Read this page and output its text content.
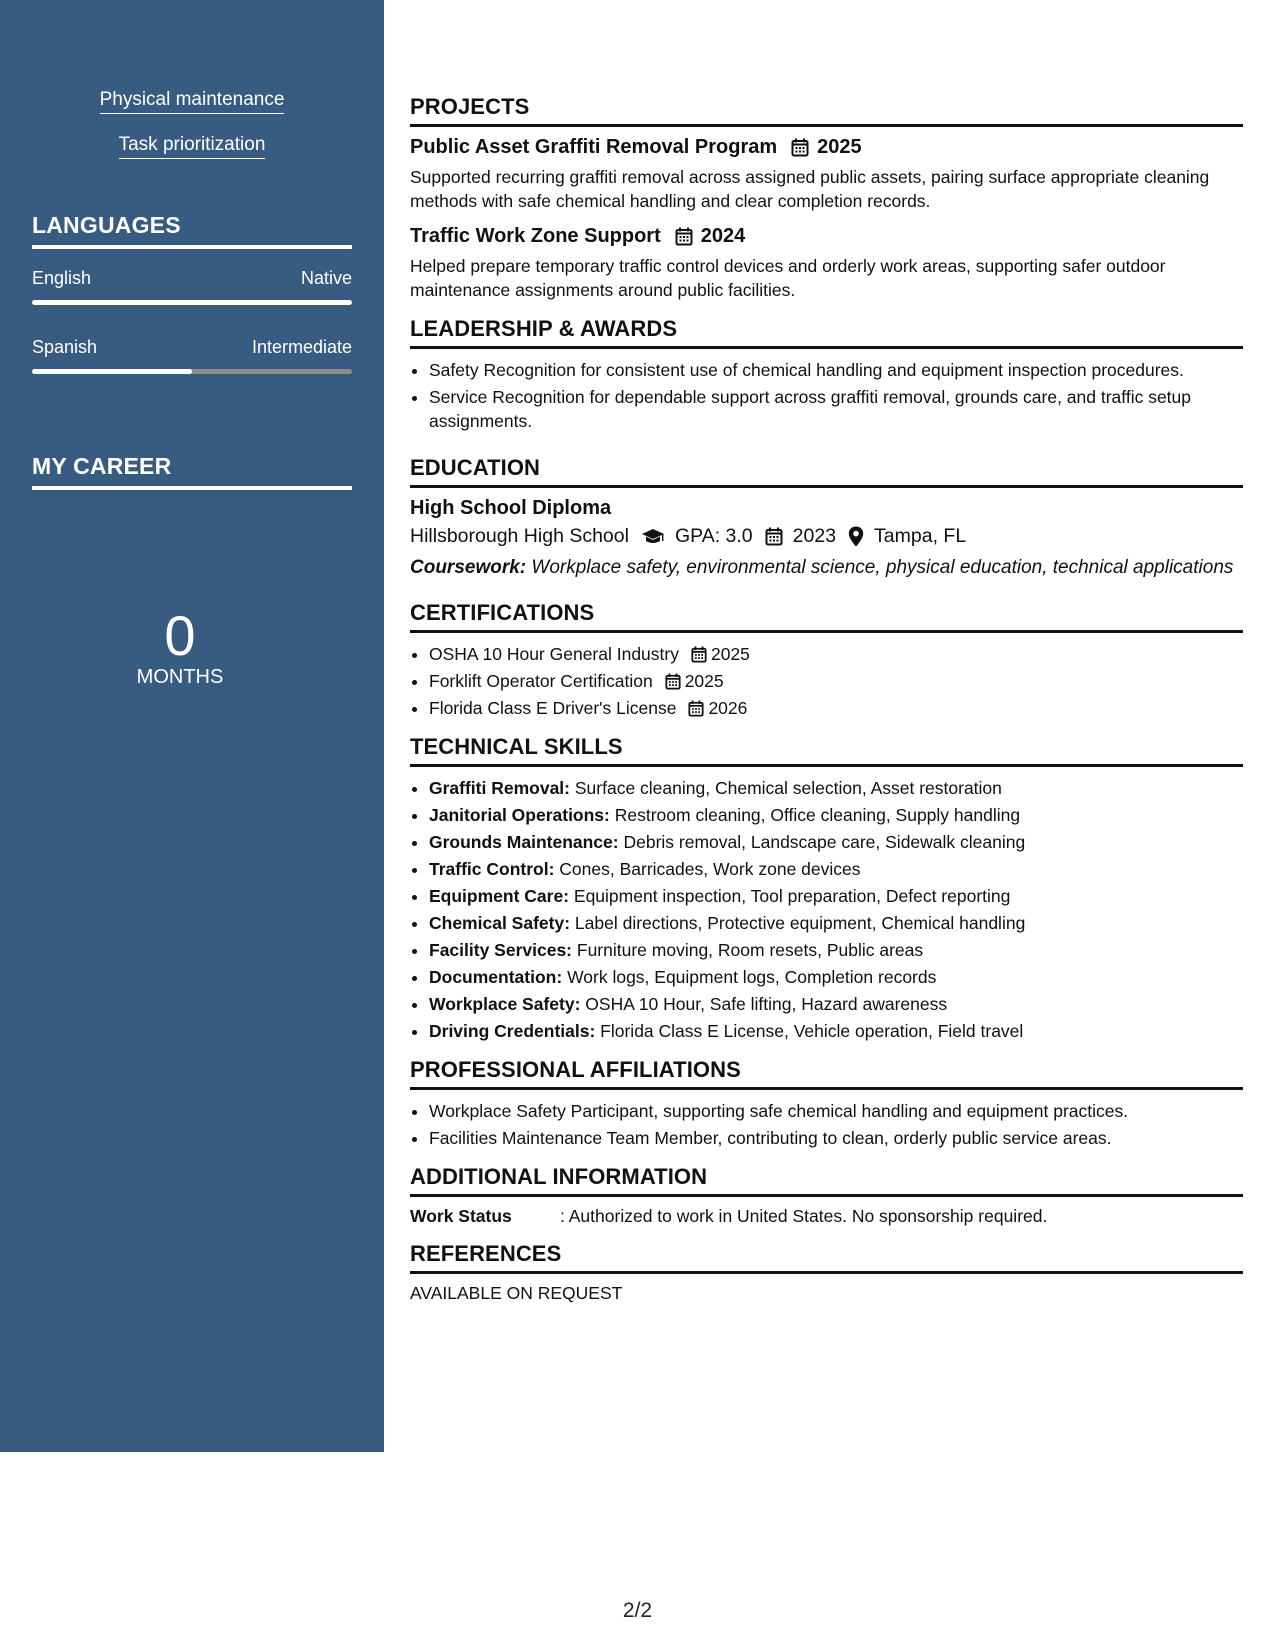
Physical maintenance
Task prioritization
LANGUAGES
English	Native
Spanish	Intermediate
MY CAREER
0
MONTHS
PROJECTS
Public Asset Graffiti Removal Program 2025
Supported recurring graffiti removal across assigned public assets, pairing surface appropriate cleaning methods with safe chemical handling and clear completion records.
Traffic Work Zone Support 2024
Helped prepare temporary traffic control devices and orderly work areas, supporting safer outdoor maintenance assignments around public facilities.
LEADERSHIP & AWARDS
• Safety Recognition for consistent use of chemical handling and equipment inspection procedures.
• Service Recognition for dependable support across graffiti removal, grounds care, and traffic setup assignments.
EDUCATION
High School Diploma
Hillsborough High School GPA: 3.0 2023 Tampa, FL
Coursework: Workplace safety, environmental science, physical education, technical applications
CERTIFICATIONS
• OSHA 10 Hour General Industry 2025
• Forklift Operator Certification 2025
• Florida Class E Driver's License 2026
TECHNICAL SKILLS
• Graffiti Removal: Surface cleaning, Chemical selection, Asset restoration
• Janitorial Operations: Restroom cleaning, Office cleaning, Supply handling
• Grounds Maintenance: Debris removal, Landscape care, Sidewalk cleaning
• Traffic Control: Cones, Barricades, Work zone devices
• Equipment Care: Equipment inspection, Tool preparation, Defect reporting
• Chemical Safety: Label directions, Protective equipment, Chemical handling
• Facility Services: Furniture moving, Room resets, Public areas
• Documentation: Work logs, Equipment logs, Completion records
• Workplace Safety: OSHA 10 Hour, Safe lifting, Hazard awareness
• Driving Credentials: Florida Class E License, Vehicle operation, Field travel
PROFESSIONAL AFFILIATIONS
• Workplace Safety Participant, supporting safe chemical handling and equipment practices.
• Facilities Maintenance Team Member, contributing to clean, orderly public service areas.
ADDITIONAL INFORMATION
Work Status	: Authorized to work in United States. No sponsorship required.
REFERENCES
AVAILABLE ON REQUEST
2/2
